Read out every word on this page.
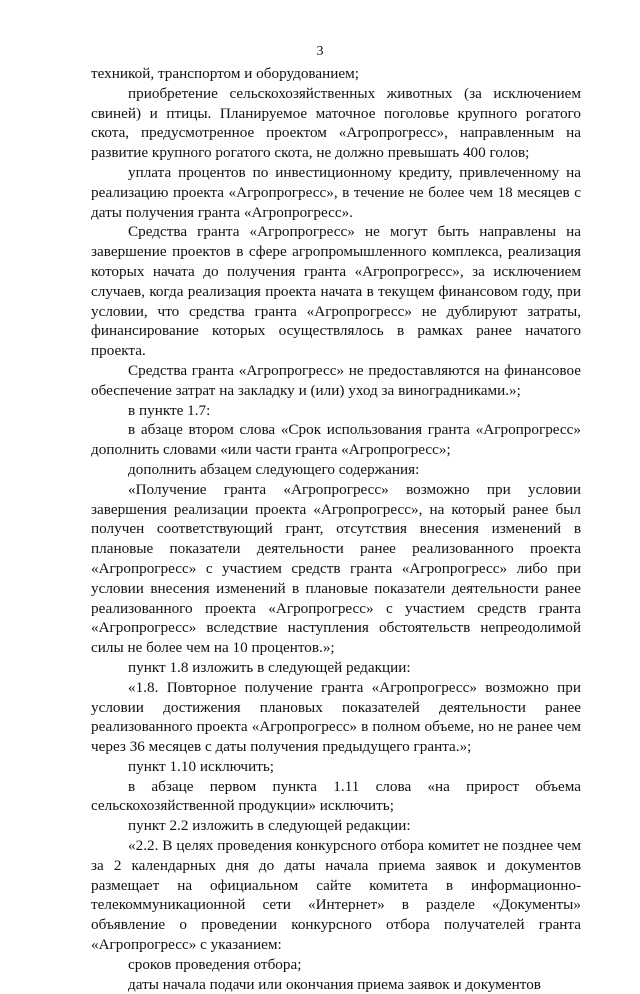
3

техникой, транспортом и оборудованием;

приобретение сельскохозяйственных животных (за исключением свиней) и птицы. Планируемое маточное поголовье крупного рогатого скота, предусмотренное проектом «Агропрогресс», направленным на развитие крупного рогатого скота, не должно превышать 400 голов;

уплата процентов по инвестиционному кредиту, привлеченному на реализацию проекта «Агропрогресс», в течение не более чем 18 месяцев с даты получения гранта «Агропрогресс».

Средства гранта «Агропрогресс» не могут быть направлены на завершение проектов в сфере агропромышленного комплекса, реализация которых начата до получения гранта «Агропрогресс», за исключением случаев, когда реализация проекта начата в текущем финансовом году, при условии, что средства гранта «Агропрогресс» не дублируют затраты, финансирование которых осуществлялось в рамках ранее начатого проекта.

Средства гранта «Агропрогресс» не предоставляются на финансовое обеспечение затрат на закладку и (или) уход за виноградниками.»;

в пункте 1.7:

в абзаце втором слова «Срок использования гранта «Агропрогресс» дополнить словами «или части гранта «Агропрогресс»;

дополнить абзацем следующего содержания:

«Получение гранта «Агропрогресс» возможно при условии завершения реализации проекта «Агропрогресс», на который ранее был получен соответствующий грант, отсутствия внесения изменений в плановые показатели деятельности ранее реализованного проекта «Агропрогресс» с участием средств гранта «Агропрогресс» либо при условии внесения изменений в плановые показатели деятельности ранее реализованного проекта «Агропрогресс» с участием средств гранта «Агропрогресс» вследствие наступления обстоятельств непреодолимой силы не более чем на 10 процентов.»;

пункт 1.8 изложить в следующей редакции:

«1.8. Повторное получение гранта «Агропрогресс» возможно при условии достижения плановых показателей деятельности ранее реализованного проекта «Агропрогресс» в полном объеме, но не ранее чем через 36 месяцев с даты получения предыдущего гранта.»;

пункт 1.10 исключить;

в абзаце первом пункта 1.11 слова «на прирост объема сельскохозяйственной продукции» исключить;

пункт 2.2 изложить в следующей редакции:

«2.2. В целях проведения конкурсного отбора комитет не позднее чем за 2 календарных дня до даты начала приема заявок и документов размещает на официальном сайте комитета в информационно-телекоммуникационной сети «Интернет» в разделе «Документы» объявление о проведении конкурсного отбора получателей гранта «Агропрогресс» с указанием:

сроков проведения отбора;

даты начала подачи или окончания приема заявок и документов
